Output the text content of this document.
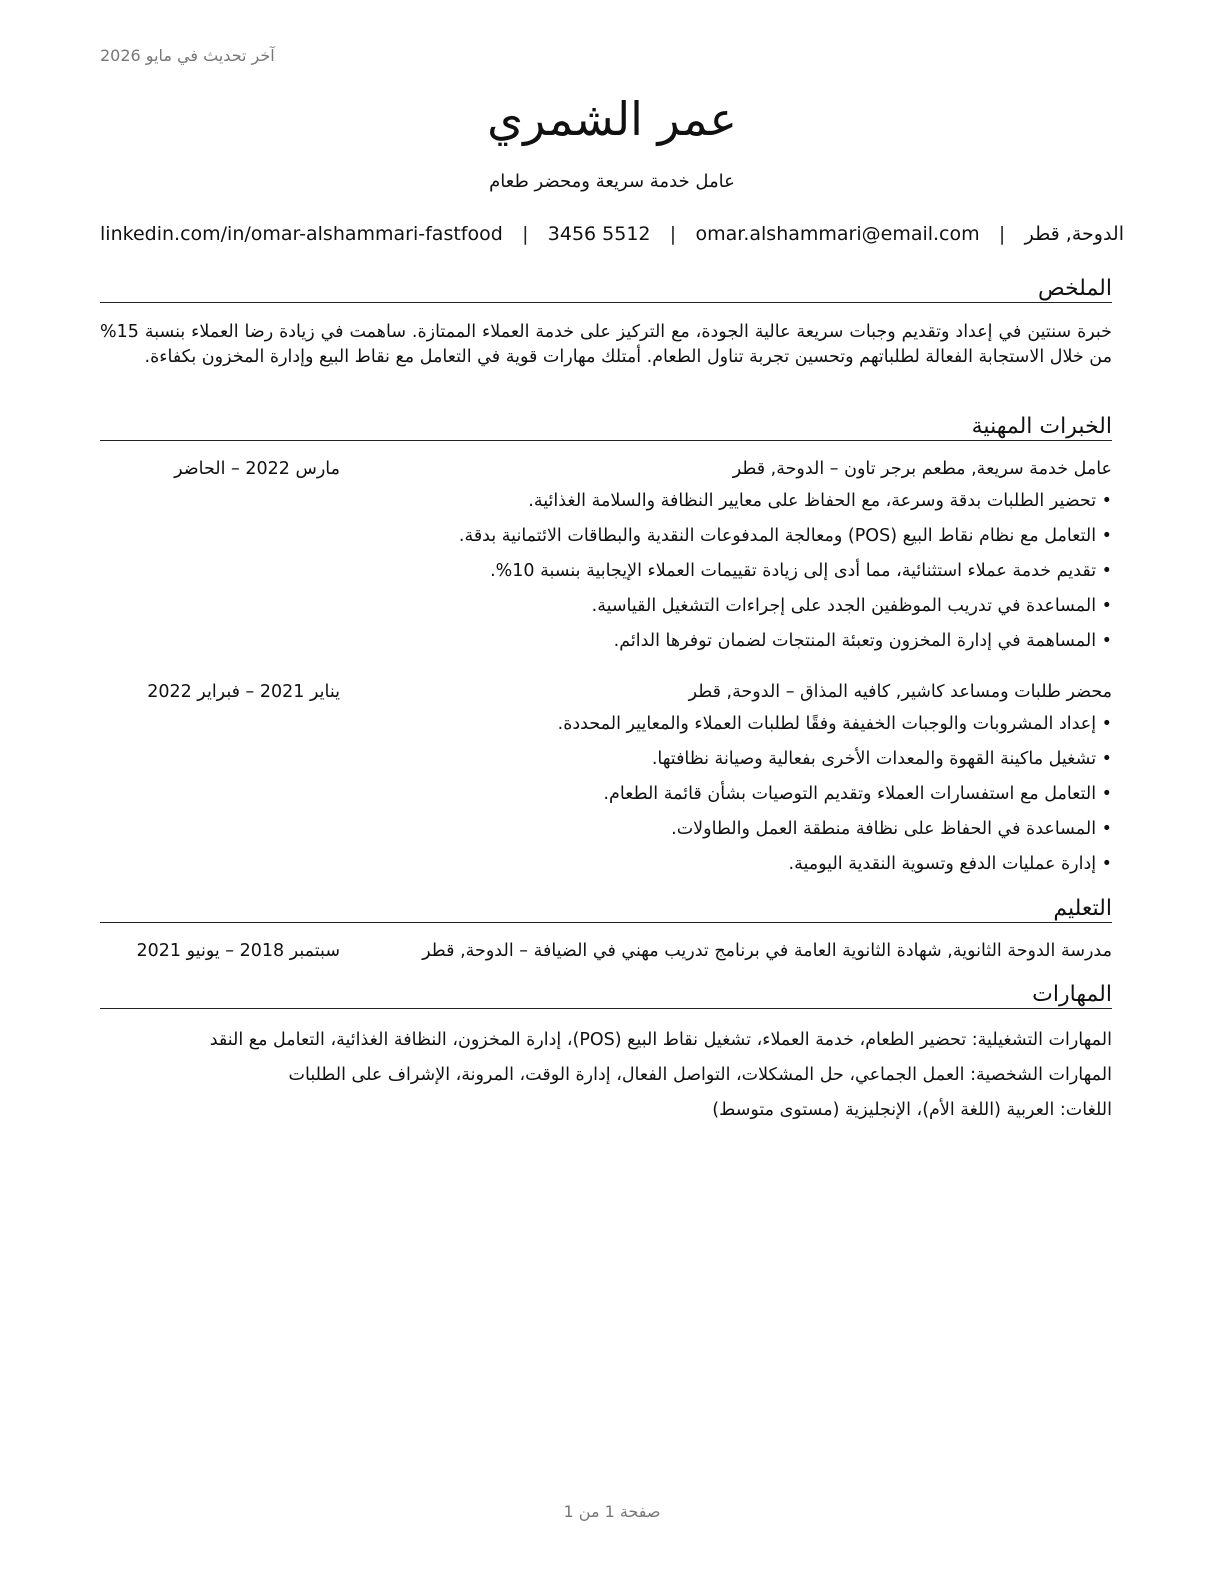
آخر تحديث في مايو 2026
عمر الشمري
عامل خدمة سريعة ومحضر طعام
الدوحة, قطر
|
omar.alshammari@email.com
|
3456 5512
|
linkedin.com/in/omar-alshammari-fastfood
الملخص
خبرة سنتين في إعداد وتقديم وجبات سريعة عالية الجودة، مع التركيز على خدمة العملاء الممتازة. ساهمت في زيادة رضا العملاء بنسبة 15% من خلال الاستجابة الفعالة لطلباتهم وتحسين تجربة تناول الطعام. أمتلك مهارات قوية في التعامل مع نقاط البيع وإدارة المخزون بكفاءة.
الخبرات المهنية
عامل خدمة سريعة, مطعم برجر تاون – الدوحة, قطر
مارس 2022 – الحاضر
• تحضير الطلبات بدقة وسرعة، مع الحفاظ على معايير النظافة والسلامة الغذائية.
• التعامل مع نظام نقاط البيع (POS) ومعالجة المدفوعات النقدية والبطاقات الائتمانية بدقة.
• تقديم خدمة عملاء استثنائية، مما أدى إلى زيادة تقييمات العملاء الإيجابية بنسبة 10%.
• المساعدة في تدريب الموظفين الجدد على إجراءات التشغيل القياسية.
• المساهمة في إدارة المخزون وتعبئة المنتجات لضمان توفرها الدائم.
محضر طلبات ومساعد كاشير, كافيه المذاق – الدوحة, قطر
يناير 2021 – فبراير 2022
• إعداد المشروبات والوجبات الخفيفة وفقًا لطلبات العملاء والمعايير المحددة.
• تشغيل ماكينة القهوة والمعدات الأخرى بفعالية وصيانة نظافتها.
• التعامل مع استفسارات العملاء وتقديم التوصيات بشأن قائمة الطعام.
• المساعدة في الحفاظ على نظافة منطقة العمل والطاولات.
• إدارة عمليات الدفع وتسوية النقدية اليومية.
التعليم
مدرسة الدوحة الثانوية, شهادة الثانوية العامة في برنامج تدريب مهني في الضيافة – الدوحة, قطر
سبتمبر 2018 – يونيو 2021
المهارات
المهارات التشغيلية: تحضير الطعام، خدمة العملاء، تشغيل نقاط البيع (POS)، إدارة المخزون، النظافة الغذائية، التعامل مع النقد
المهارات الشخصية: العمل الجماعي، حل المشكلات، التواصل الفعال، إدارة الوقت، المرونة، الإشراف على الطلبات
اللغات: العربية (اللغة الأم)، الإنجليزية (مستوى متوسط)
صفحة 1 من 1
